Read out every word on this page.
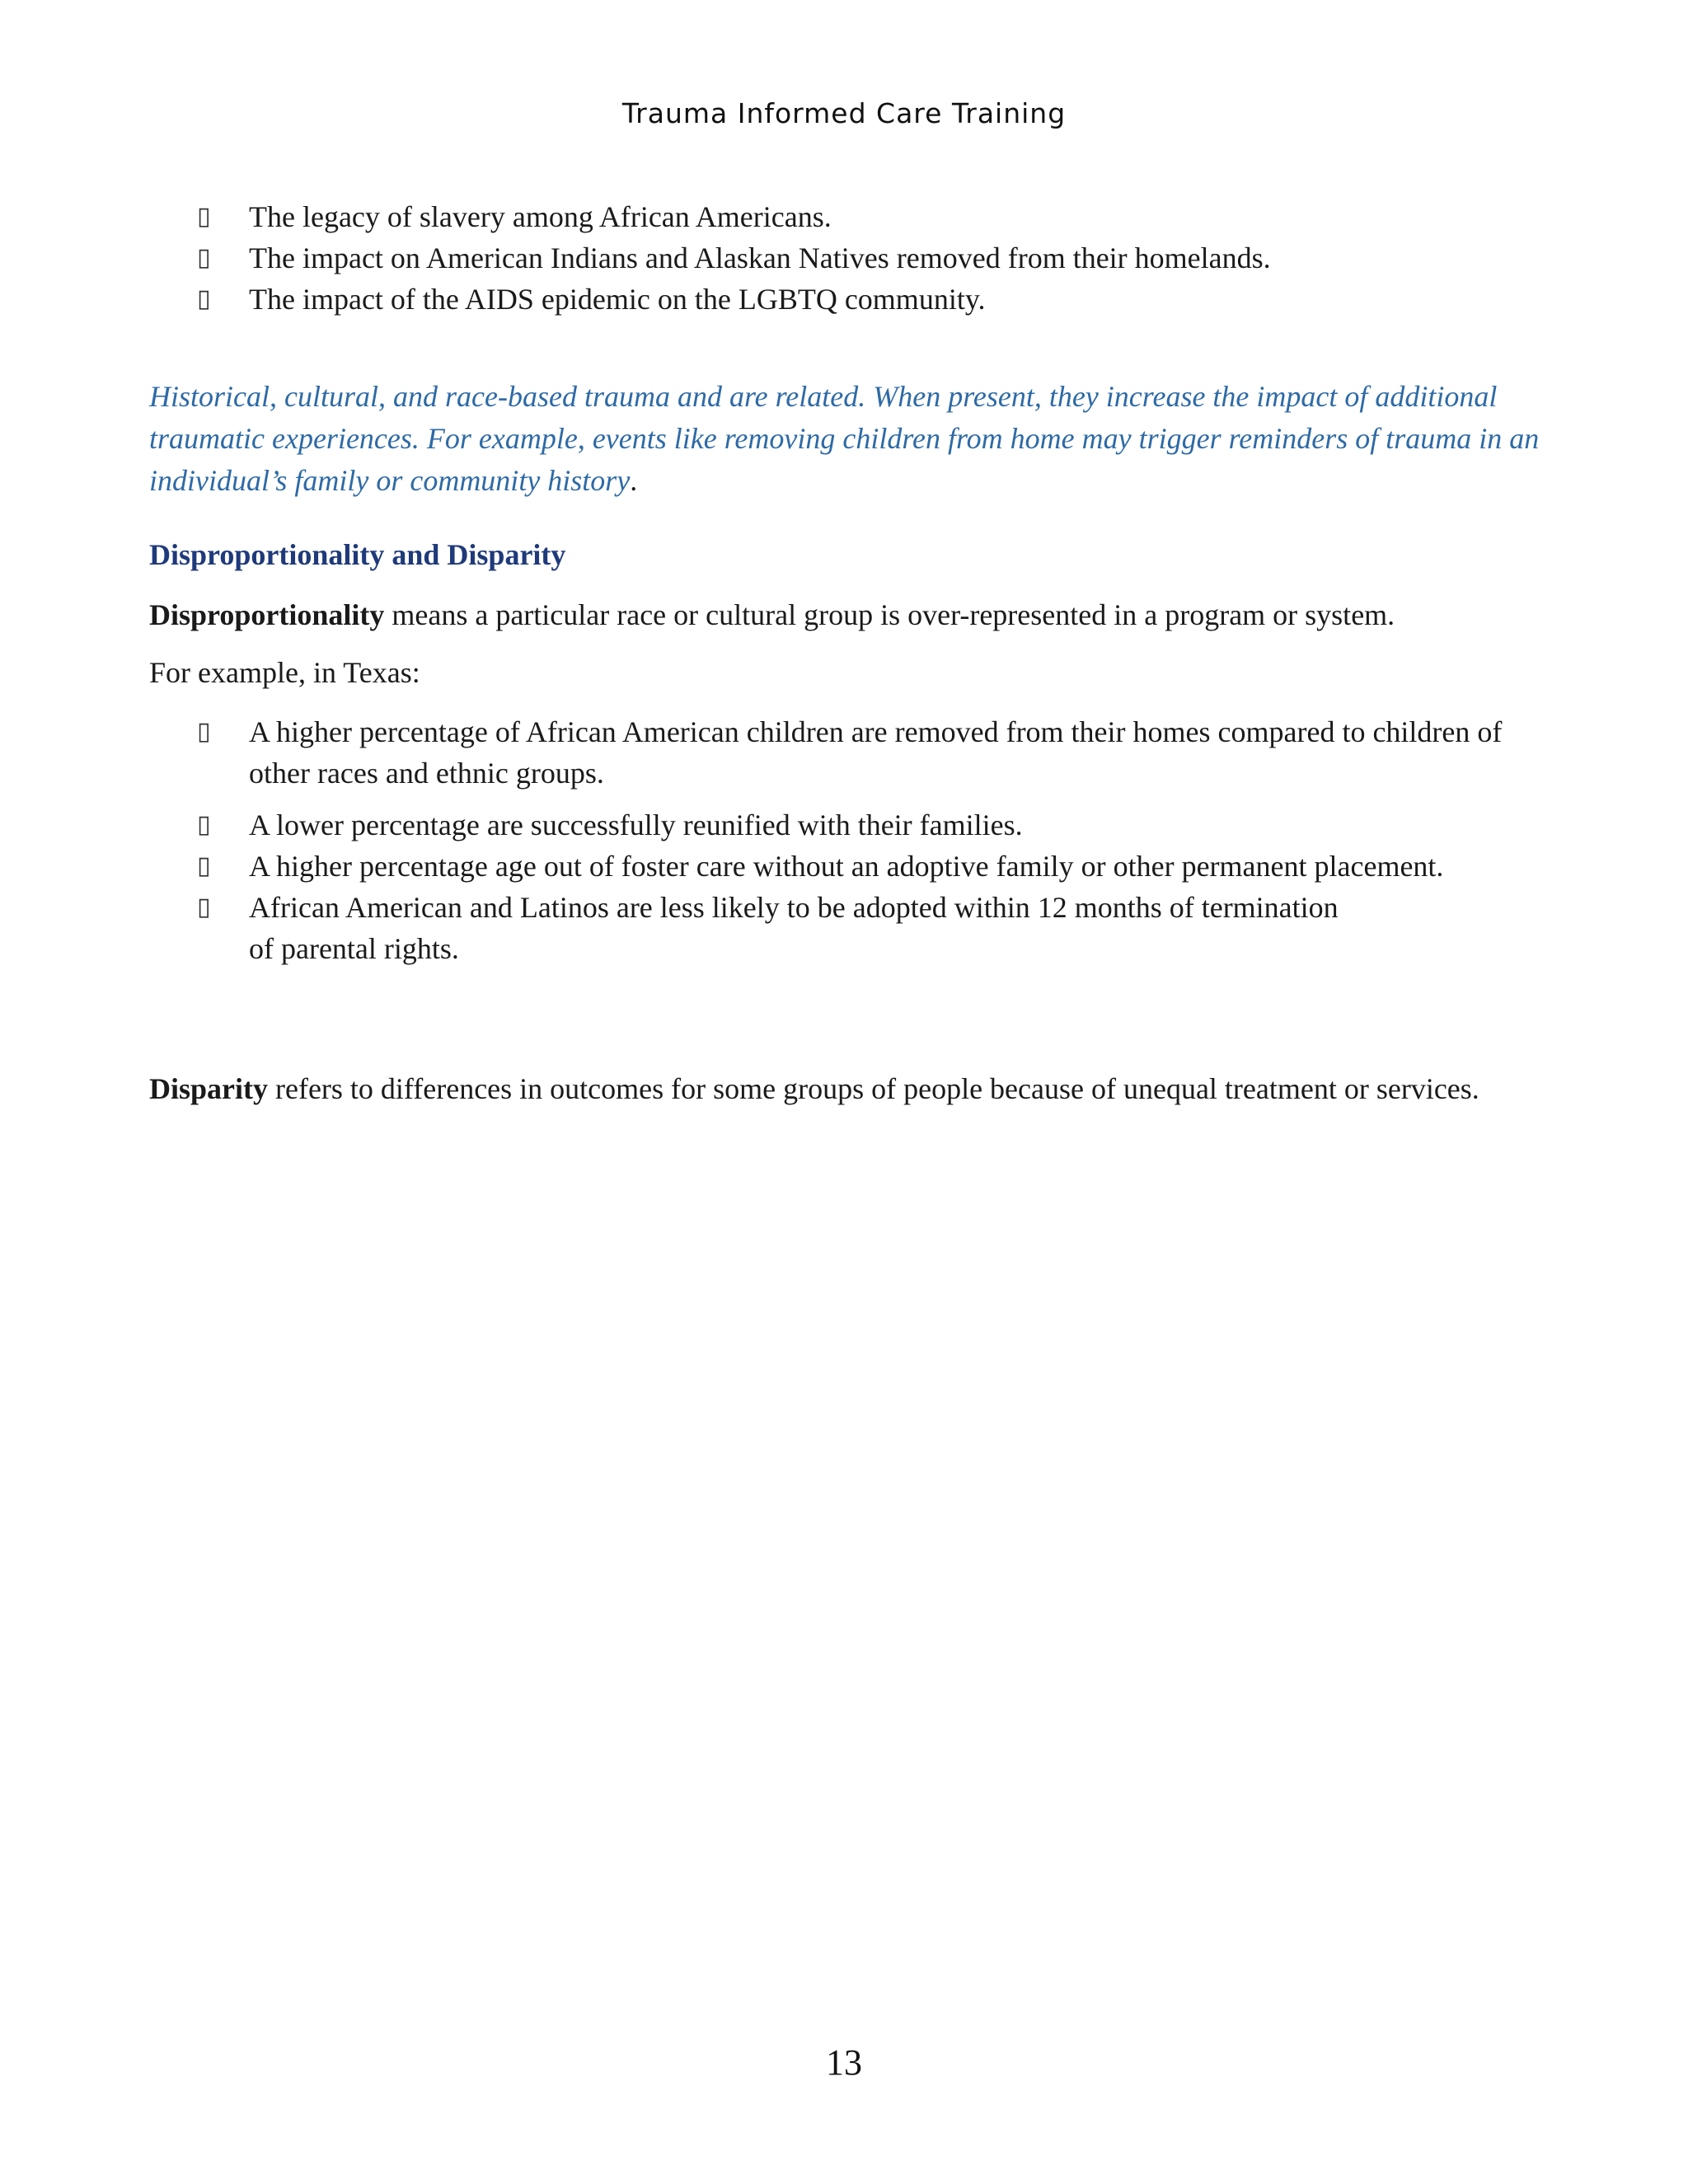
Trauma Informed Care Training
▯ The legacy of slavery among African Americans.
▯ The impact on American Indians and Alaskan Natives removed from their homelands.
▯ The impact of the AIDS epidemic on the LGBTQ community.
Historical, cultural, and race-based trauma and are related. When present, they increase the impact of additional traumatic experiences. For example, events like removing children from home may trigger reminders of trauma in an individual’s family or community history.
Disproportionality and Disparity
Disproportionality means a particular race or cultural group is over-represented in a program or system.
For example, in Texas:
▯ A higher percentage of African American children are removed from their homes compared to children of other races and ethnic groups.
▯ A lower percentage are successfully reunified with their families.
▯ A higher percentage age out of foster care without an adoptive family or other permanent placement.
▯ African American and Latinos are less likely to be adopted within 12 months of termination of parental rights.
Disparity refers to differences in outcomes for some groups of people because of unequal treatment or services.
13
